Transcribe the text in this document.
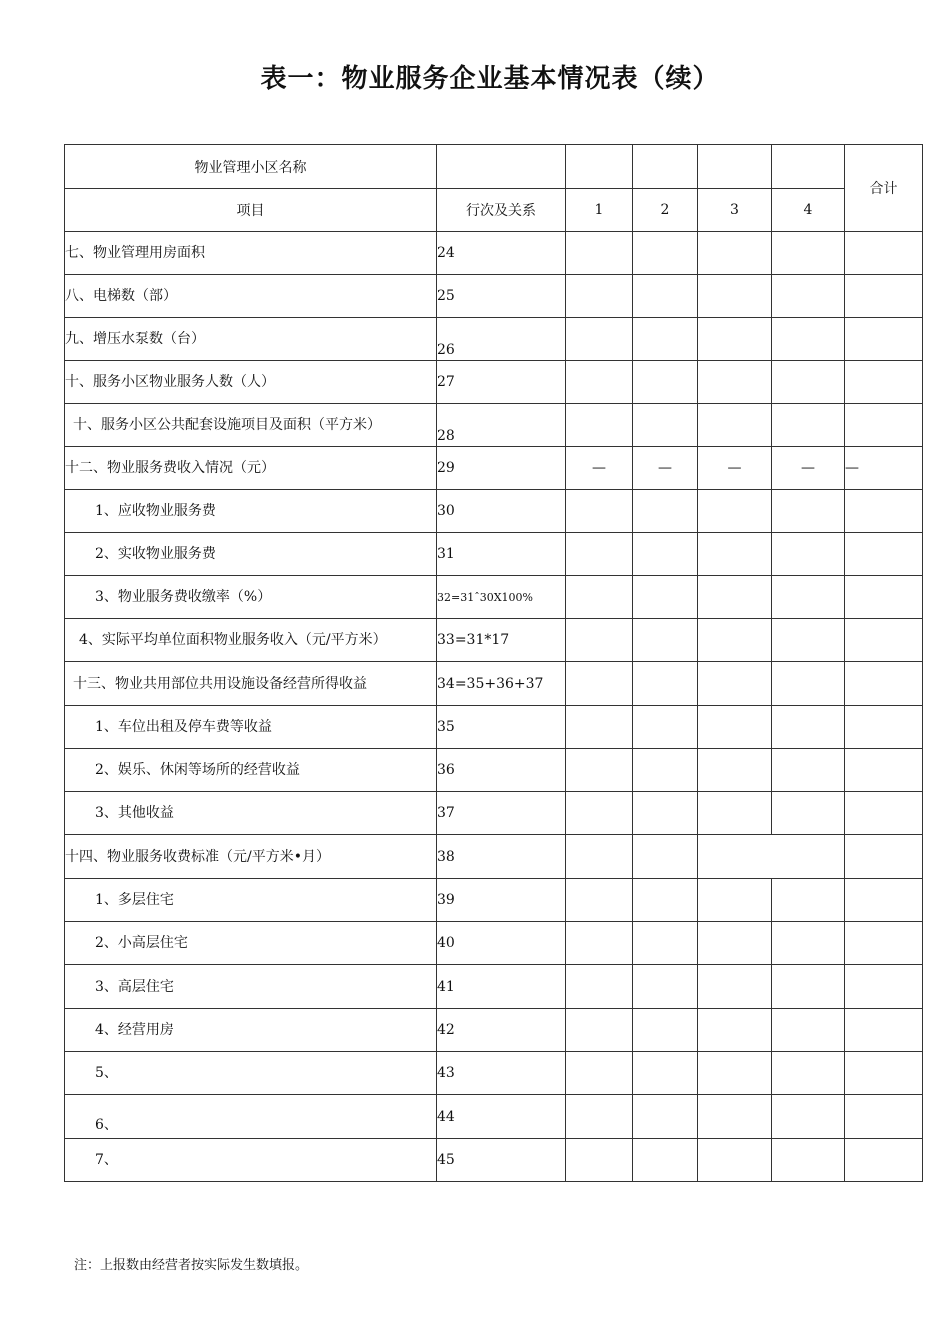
表一：物业服务企业基本情况表（续）
物业管理小区名称						合计
项目	行次及关系	1	2	3	4	
七、物业管理用房面积	24					
八、电梯数（部）	25					
九、增压水泵数（台）	26					
十、服务小区物业服务人数（人）	27					
十、服务小区公共配套设施项目及面积（平方米）	28					
十二、物业服务费收入情况（元）	29	—	—	—	—	—
1、应收物业服务费	30					
2、实收物业服务费	31					
3、物业服务费收缴率（%）	32=31ˆ30X100%					
4、实际平均单位面积物业服务收入（元/平方米）	33=31*17					
十三、物业共用部位共用设施设备经营所得收益	34=35+36+37					
1、车位出租及停车费等收益	35					
2、娱乐、休闲等场所的经营收益	36					
3、其他收益	37					
十四、物业服务收费标准（元/平方米•月）	38					
1、多层住宅	39					
2、小高层住宅	40					
3、高层住宅	41					
4、经营用房	42					
5、	43					
6、	44					
7、	45					
注：上报数由经营者按实际发生数填报。
